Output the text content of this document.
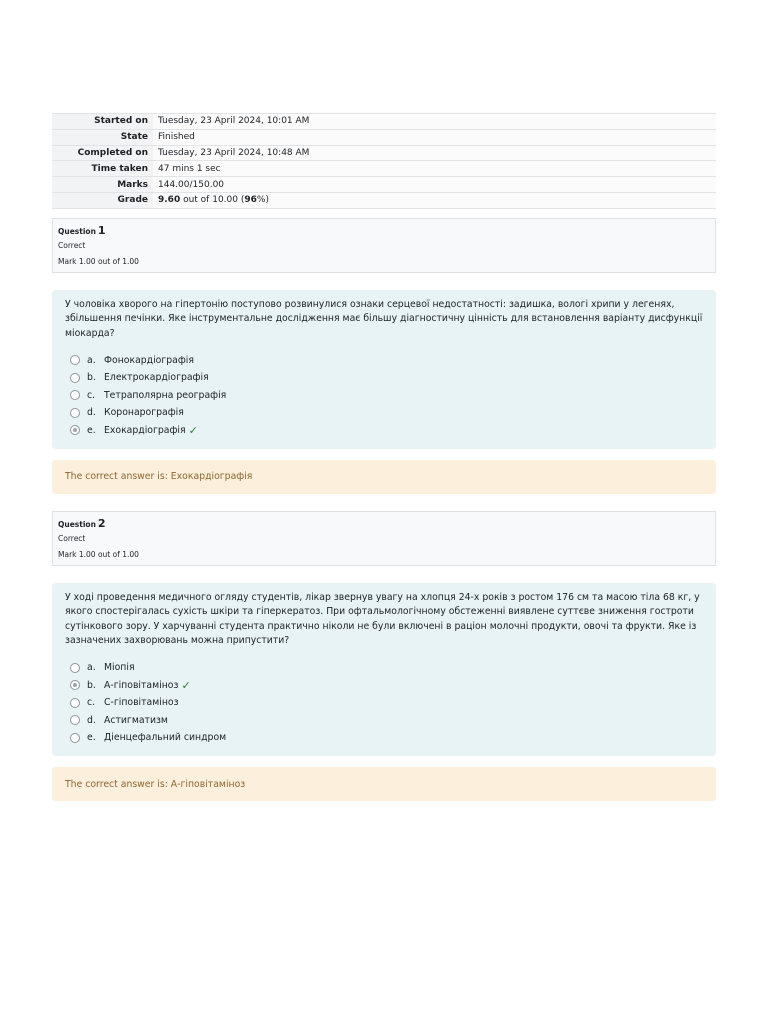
Started on	Tuesday, 23 April 2024, 10:01 AM
State	Finished
Completed on	Tuesday, 23 April 2024, 10:48 AM
Time taken	47 mins 1 sec
Marks	144.00/150.00
Grade	9.60 out of 10.00 (96%)
Question 1
Correct
Mark 1.00 out of 1.00
У чоловіка хворого на гіпертонію поступово розвинулися ознаки серцевої недостатності: задишка, вологі хрипи у легенях, збільшення печінки. Яке інструментальне дослідження має більшу діагностичну цінність для встановлення варіанту дисфункції міокарда?
a. Фонокардіографія
b. Електрокардіографія
c. Тетраполярна реографія
d. Коронарографія
e. Ехокардіографія ✓
The correct answer is: Ехокардіографія
Question 2
Correct
Mark 1.00 out of 1.00
У ході проведення медичного огляду студентів, лікар звернув увагу на хлопця 24-х років з ростом 176 см та масою тіла 68 кг, у якого спостерігалась сухість шкіри та гіперкератоз. При офтальмологічному обстеженні виявлене суттєве зниження гостроти сутінкового зору. У харчуванні студента практично ніколи не були включені в раціон молочні продукти, овочі та фрукти. Яке із зазначених захворювань можна припустити?
a. Міопія
b. А-гіповітаміноз ✓
c. С-гіповітаміноз
d. Астигматизм
e. Діенцефальний синдром
The correct answer is: А-гіповітаміноз
